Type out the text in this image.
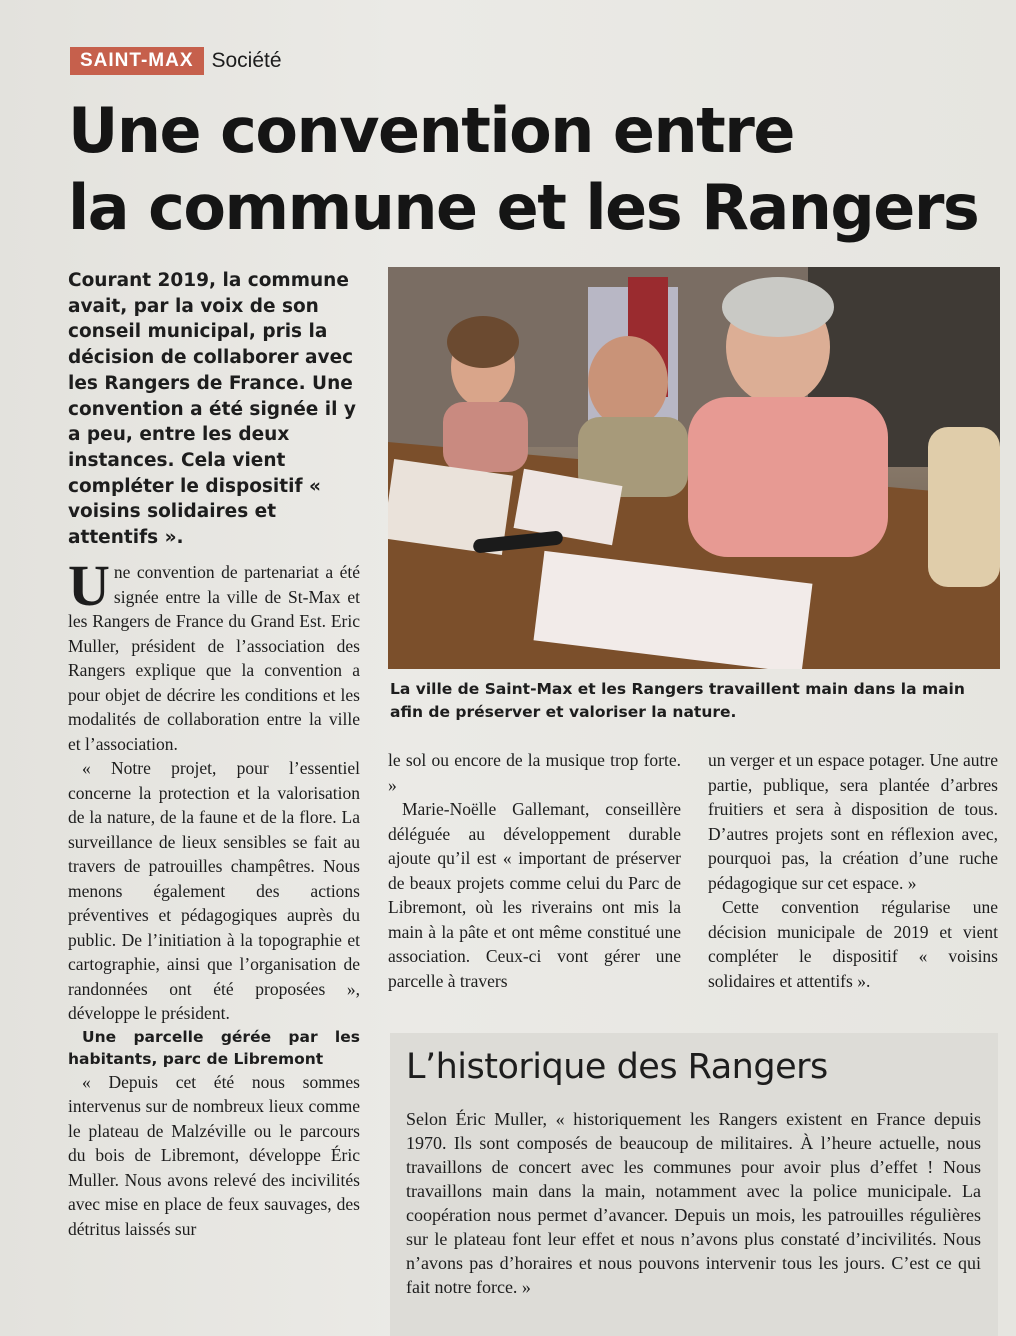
SAINT-MAX Société
Une convention entre
la commune et les Rangers
Courant 2019, la commune avait, par la voix de son conseil municipal, pris la décision de collaborer avec les Rangers de France. Une convention a été signée il y a peu, entre les deux instances. Cela vient compléter le dispositif « voisins solidaires et attentifs ».

Une convention de partenariat a été signée entre la ville de St-Max et les Rangers de France du Grand Est. Eric Muller, président de l’association des Rangers explique que la convention a pour objet de décrire les conditions et les modalités de collaboration entre la ville et l’association.

« Notre projet, pour l’essentiel concerne la protection et la valorisation de la nature, de la faune et de la flore. La surveillance de lieux sensibles se fait au travers de patrouilles champêtres. Nous menons également des actions préventives et pédagogiques auprès du public. De l’initiation à la topographie et cartographie, ainsi que l’organisation de randonnées ont été proposées », développe le président.

Une parcelle gérée par les habitants, parc de Libremont

« Depuis cet été nous sommes intervenus sur de nombreux lieux comme le plateau de Malzéville ou le parcours du bois de Libremont, développe Éric Muller. Nous avons relevé des incivilités avec mise en place de feux sauvages, des détritus laissés sur

La ville de Saint-Max et les Rangers travaillent main dans la main afin de préserver et valoriser la nature.

le sol ou encore de la musique trop forte. »

Marie-Noëlle Gallemant, conseillère déléguée au développement durable ajoute qu’il est « important de préserver de beaux projets comme celui du Parc de Libremont, où les riverains ont mis la main à la pâte et ont même constitué une association. Ceux-ci vont gérer une parcelle à travers

un verger et un espace potager. Une autre partie, publique, sera plantée d’arbres fruitiers et sera à disposition de tous. D’autres projets sont en réflexion avec, pourquoi pas, la création d’une ruche pédagogique sur cet espace. »

Cette convention régularise une décision municipale de 2019 et vient compléter le dispositif « voisins solidaires et attentifs ».

L’historique des Rangers
Selon Éric Muller, « historiquement les Rangers existent en France depuis 1970. Ils sont composés de beaucoup de militaires. À l’heure actuelle, nous travaillons de concert avec les communes pour avoir plus d’effet ! Nous travaillons main dans la main, notamment avec la police municipale. La coopération nous permet d’avancer. Depuis un mois, les patrouilles régulières sur le plateau font leur effet et nous n’avons plus constaté d’incivilités. Nous n’avons pas d’horaires et nous pouvons intervenir tous les jours. C’est ce qui fait notre force. »
